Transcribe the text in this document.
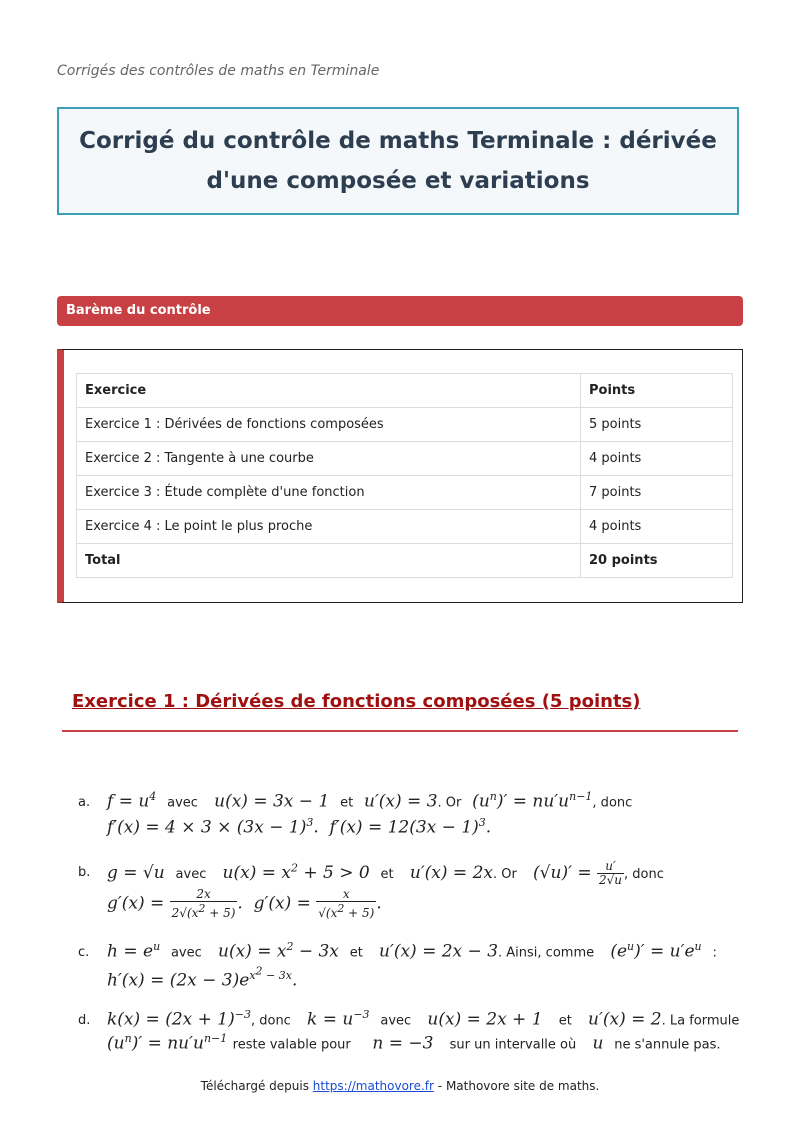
Corrigés des contrôles de maths en Terminale
Corrigé du contrôle de maths Terminale : dérivée d'une composée et variations
Barème du contrôle
Exercice	Points
Exercice 1 : Dérivées de fonctions composées	5 points
Exercice 2 : Tangente à une courbe	4 points
Exercice 3 : Étude complète d'une fonction	7 points
Exercice 4 : Le point le plus proche	4 points
Total	20 points
Exercice 1 : Dérivées de fonctions composées (5 points)
a. $f = u^4$ avec   u(x) = 3x − 1  et  u′(x) = 3. Or  $(u^n)' = nu'u^{n-1}$, donc
$f'(x) = 4 \times 3 \times (3x - 1)^3$.  $f'(x) = 12(3x - 1)^3$.
b. g = √u  avec   $u(x) = x^2 + 5 > 0$  et   u′(x) = 2x. Or   $(√u)' = \frac{u'}{2√u}$ , donc
$g'(x) = \frac{2x}{2√(x^2 + 5)}$ .  $g'(x) = \frac{x}{√(x^2 + 5)}$ .
c. $h = e^u$ avec   $u(x) = x^2 - 3x$  et   u′(x) = 2x − 3. Ainsi, comme   $(e^u)' = u'e^u$ :
$h'(x) = (2x - 3)e^{x^2 - 3x}$.
d. $k(x) = (2x + 1)^{-3}$, donc   $k = u^{-3}$ avec   u(x) = 2x + 1   et   u′(x) = 2. La formule
$(u^n)' = nu'u^{n-1}$ reste valable pour    n = −3   sur un intervalle où   u  ne s'annule pas.
Téléchargé depuis https://mathovore.fr - Mathovore site de maths.
